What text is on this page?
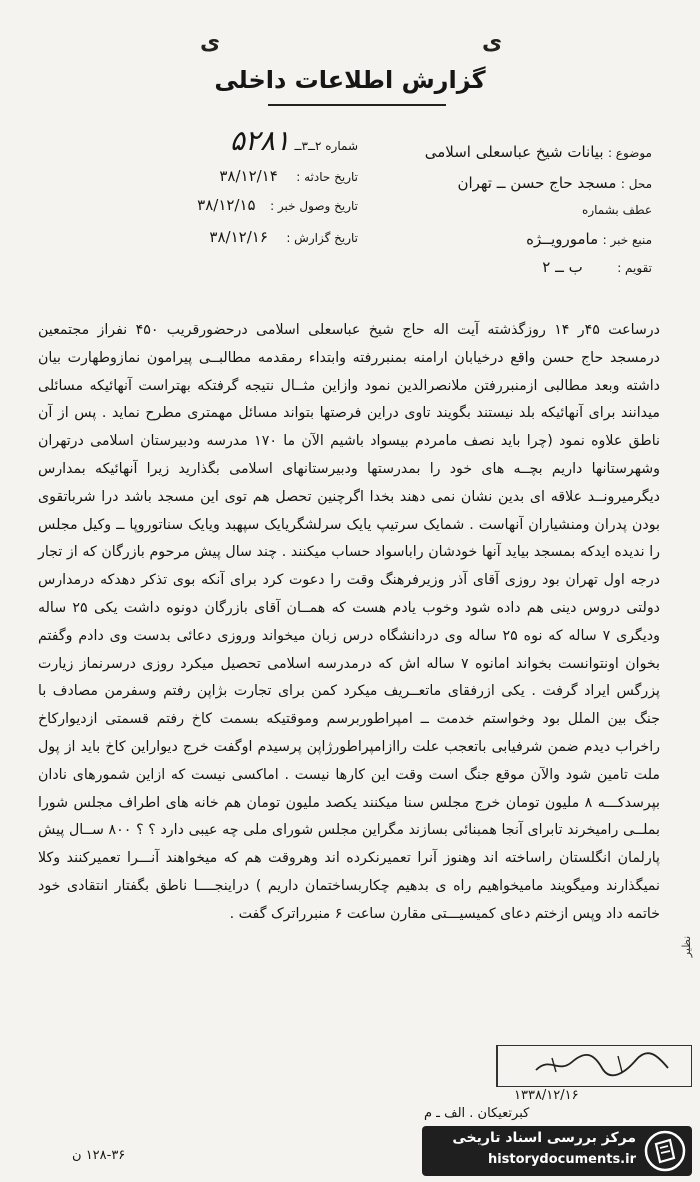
ی	ی
گزارش اطلاعات داخلی
موضوع : بیانات شیخ عباسعلی اسلامی
محل : مسجد حاج حسن ــ تهران
عطف بشماره
منبع خبر : مامورویــژه
تقویم : ب ــ ۲
شماره ۲ــ۳ــ ۵۲۸۱
تاریخ حادثه : ۳۸/۱۲/۱۴
تاریخ وصول خبر : ۳۸/۱۲/۱۵
تاریخ گزارش : ۳۸/۱۲/۱۶

درساعت ۴۵ر ۱۴ روزگذشته آیت اله حاج شیخ عباسعلی اسلامی درحضورقریب ۴۵۰ نفراز مجتمعین درمسجد حاج حسن واقع درخیابان ارامنه بمنبررفته وابتداء رمقدمه مطالبــی پیرامون نمازوطهارت بیان داشته وبعد مطالبی ازمنبررفتن ملانصرالدین نمود وازاین مثــال نتیجه گرفتکه بهتراست آنهائیکه مسائلی میدانند برای آنهائیکه بلد نیستند بگویند تاوی دراین فرصتها بتواند مسائل مهمتری مطرح نماید . پس از آن ناطق علاوه نمود (چرا باید نصف مامردم بیسواد باشیم الآن ما ۱۷۰ مدرسه ودبیرستان اسلامی درتهران وشهرستانها داریم بچــه های خود را بمدرستها ودبیرستانهای اسلامی بگذارید زیرا آنهائیکه بمدارس دیگرمیرونــد علاقه ای بدین نشان نمی دهند بخدا اگرچنین تحصل هم توی این مسجد باشد درا شرباتقوی بودن پدران ومنشیاران آنهاست . شمایک سرتیپ یایک سرلشگریایک سپهبد ویایک سناتوروپا ــ وکیل مجلس را ندیده ایدکه بمسجد بیاید آنها خودشان راباسواد حساب میکنند . چند سال پیش مرحوم بازرگان که از تجار درجه اول تهران بود روزی آقای آذر وزیرفرهنگ وقت را دعوت کرد برای آنکه بوی تذکر دهدکه درمدارس دولتی دروس دینی هم داده شود وخوب یادم هست که همــان آقای بازرگان دونوه داشت یکی ۲۵ ساله ودیگری ۷ ساله که نوه ۲۵ ساله وی دردانشگاه درس زبان میخواند وروزی دعائی بدست وی دادم وگفتم بخوان اونتوانست بخواند امانوه ۷ ساله اش که درمدرسه اسلامی تحصیل میکرد روزی درسرنماز زیارت پزرگس ایراد گرفت . یکی ازرفقای ماتعــریف میکرد کمن برای تجارت بژاپن رفتم وسفرمن مصادف با جنگ بین الملل بود وخواستم خدمت ــ امپراطوربرسم وموقتیکه بسمت کاخ رفتم قسمتی ازدیوارکاخ راخراب دیدم ضمن شرفیابی باتعجب علت راازامپراطورژاپن پرسیدم اوگفت خرج دیواراین کاخ باید از پول ملت تامین شود والآن موقع جنگ است وقت این کارها نیست . اماکسی نیست که ازاین شمورهای نادان بپرسدکـــه ۸ ملیون تومان خرج مجلس سنا میکنند یکصد ملیون تومان هم خانه های اطراف مجلس شورا بملــی رامیخرند تابرای آنجا همبنائی بسازند مگراین مجلس شورای ملی چه عیبی دارد ؟ ؟ ۸۰۰ ســال پیش پارلمان انگلستان راساخته اند وهنوز آنرا تعمیرنکرده اند وهروقت هم که میخواهند آنـــرا تعمیرکنند وکلا نمیگذارند ومیگویند مامیخواهیم راه ی بدهیم چکاربساختمان داریم ) دراینجــــا ناطق بگفتار انتقادی خود خاتمه داد وپس ازختم دعای کمیسیـــتی مقارن ساعت ۶ منبرراترک گفت .

نظیر
۱۳۳۸/۱۲/۱۶
کبرتعیکان . الف ـ م
۱۲۸-۳۶ ن
مرکز بررسی اسناد تاریخی
historydocuments.ir
